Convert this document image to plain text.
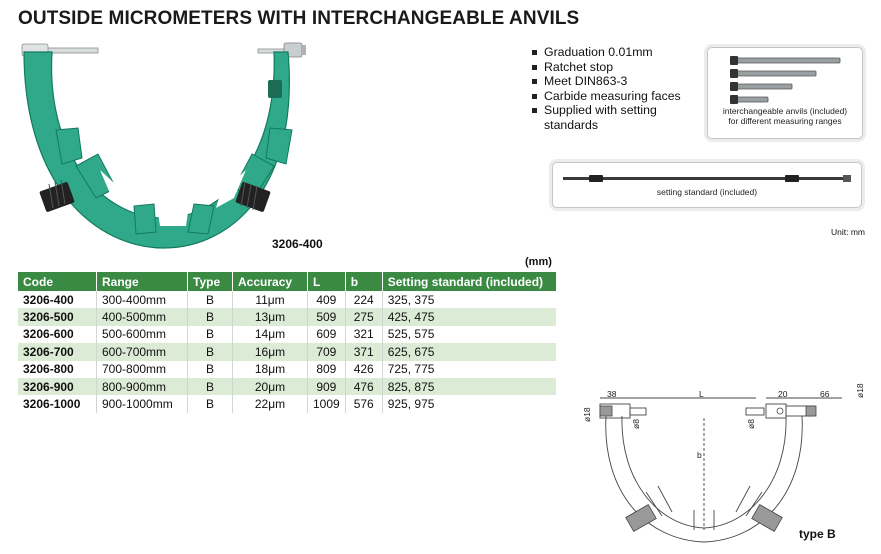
OUTSIDE MICROMETERS WITH INTERCHANGEABLE ANVILS
3206-400
Graduation 0.01mm
Ratchet stop
Meet DIN863-3
Carbide measuring faces
Supplied with setting standards
interchangeable anvils (included)
for different measuring ranges
setting standard (included)
Unit: mm
(mm)
Code	Range	Type	Accuracy	L	b	Setting standard (included)
3206-400	300-400mm	B	11μm	409	224	325, 375
3206-500	400-500mm	B	13μm	509	275	425, 475
3206-600	500-600mm	B	14μm	609	321	525, 575
3206-700	600-700mm	B	16μm	709	371	625, 675
3206-800	700-800mm	B	18μm	809	426	725, 775
3206-900	800-900mm	B	20μm	909	476	825, 875
3206-1000	900-1000mm	B	22μm	1009	576	925, 975
38	L	20	66
b
ø18
ø8	ø8
ø18
type B
